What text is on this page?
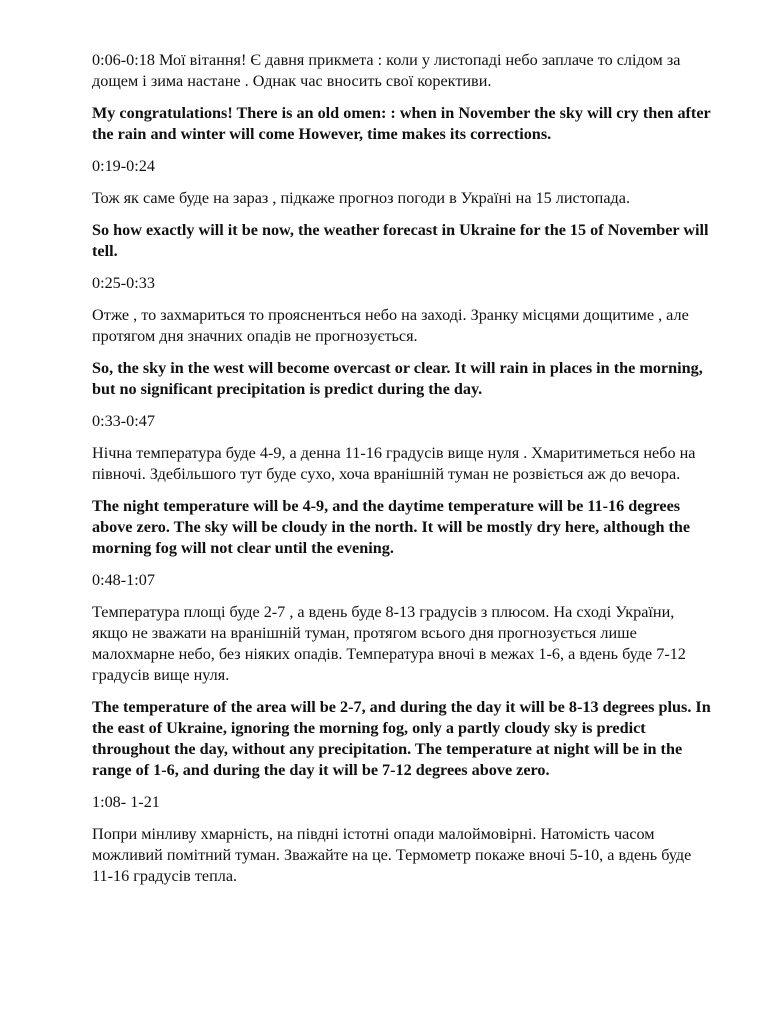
0:06-0:18 Мої вітання! Є давня прикмета : коли у листопаді небо заплаче то слідом за дощем і зима настане . Однак час вносить свої корективи.

My congratulations! There is an old omen: : when in November the sky will cry then after the rain and winter will come However, time makes its corrections.

0:19-0:24

Тож як саме буде на зараз , підкаже прогноз погоди в Україні на 15 листопада.

So how exactly will it be now, the weather forecast in Ukraine for the 15 of November will tell.

0:25-0:33

Отже , то захмариться то проясненться небо на заході. Зранку місцями дощитиме , але протягом дня значних опадів не прогнозується.

So, the sky in the west will become overcast or clear. It will rain in places in the morning, but no significant precipitation is predict during the day.

0:33-0:47

Нічна температура буде 4-9, а денна 11-16 градусів вище нуля . Хмаритиметься небо на півночі. Здебільшого тут буде сухо, хоча вранішній туман не розвіється аж до вечора.

The night temperature will be 4-9, and the daytime temperature will be 11-16 degrees above zero. The sky will be cloudy in the north. It will be mostly dry here, although the morning fog will not clear until the evening.

0:48-1:07

Температура площі буде 2-7 , а вдень буде 8-13 градусів з плюсом. На сході України, якщо не зважати на вранішній туман, протягом всього дня прогнозується лише малохмарне небо, без ніяких опадів. Температура вночі в межах 1-6, а вдень буде 7-12 градусів вище нуля.

The temperature of the area will be 2-7, and during the day it will be 8-13 degrees plus. In the east of Ukraine, ignoring the morning fog, only a partly cloudy sky is predict throughout the day, without any precipitation. The temperature at night will be in the range of 1-6, and during the day it will be 7-12 degrees above zero.

1:08- 1-21

Попри мінливу хмарність, на півдні істотні опади малоймовірні. Натомість часом можливий помітний туман. Зважайте на це. Термометр покаже вночі 5-10, а вдень буде 11-16 градусів тепла.
